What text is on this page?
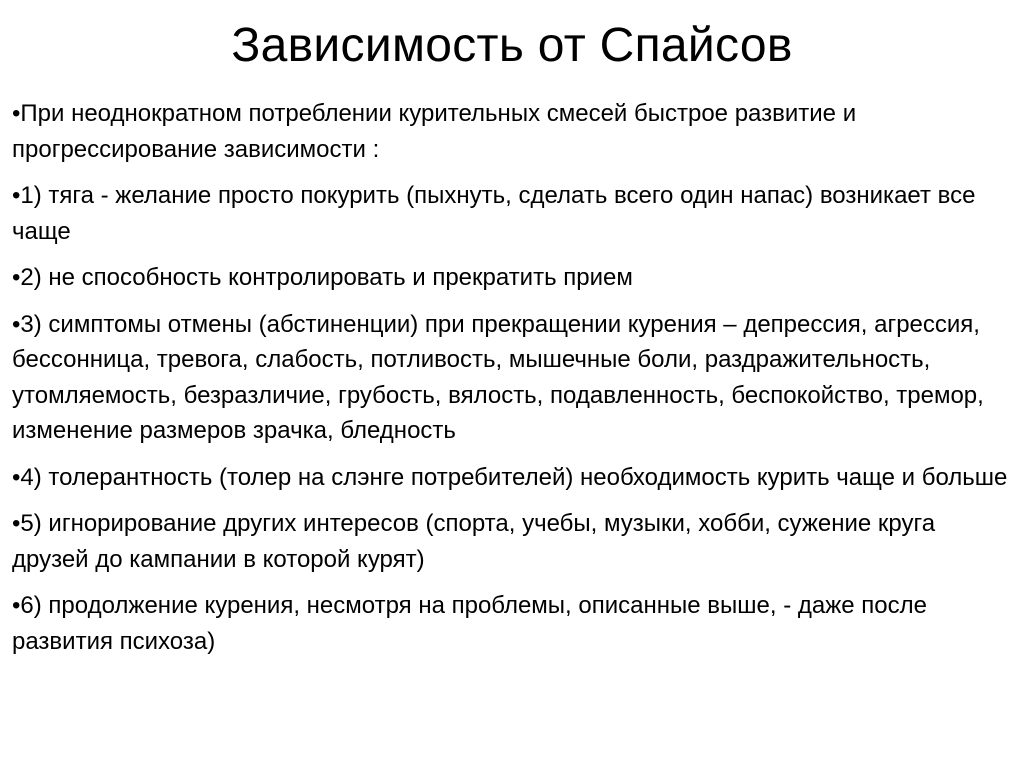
Зависимость от Спайсов
•При неоднократном потреблении курительных смесей быстрое развитие и прогрессирование зависимости :
•1) тяга - желание просто покурить (пыхнуть, сделать всего один напас) возникает все чаще
•2) не способность контролировать и прекратить прием
•3) симптомы отмены (абстиненции) при прекращении курения – депрессия, агрессия, бессонница, тревога, слабость, потливость, мышечные боли, раздражительность, утомляемость, безразличие, грубость, вялость, подавленность, беспокойство, тремор, изменение размеров зрачка, бледность
•4) толерантность (толер на слэнге потребителей) необходимость курить чаще и больше
•5) игнорирование других интересов (спорта, учебы, музыки, хобби, сужение круга друзей до кампании в которой курят)
•6) продолжение курения, несмотря на проблемы, описанные выше, - даже после развития психоза)
